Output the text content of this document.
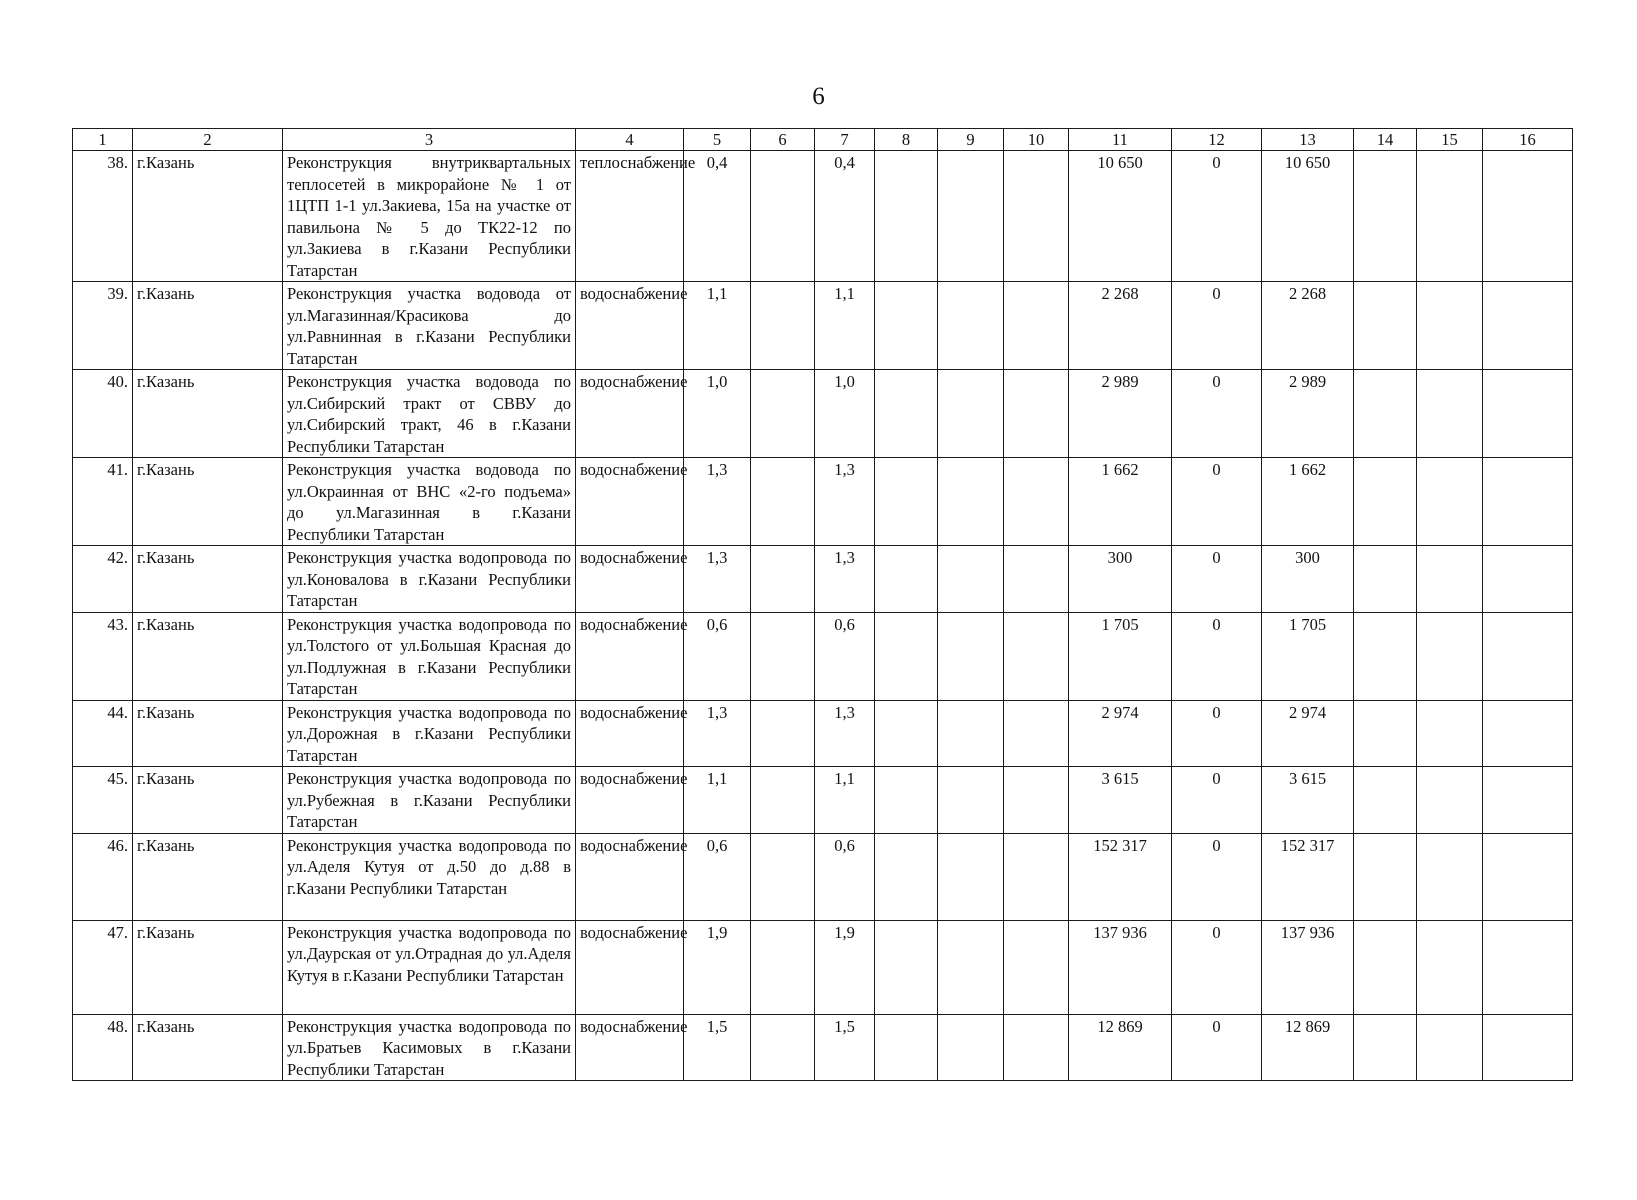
6
1	2	3	4	5	6	7	8	9	10	11	12	13	14	15	16
38.	г.Казань	Реконструкция внутриквартальных теплосетей в микрорайоне № 1 от 1ЦТП 1-1 ул.Закиева, 15а на участке от павильона № 5 до ТК22-12 по ул.Закиева в г.Казани Республики Татарстан	теплоснабжение	0,4		0,4				10 650	0	10 650			
39.	г.Казань	Реконструкция участка водовода от ул.Магазинная/Красикова до ул.Равнинная в г.Казани Республики Татарстан	водоснабжение	1,1		1,1				2 268	0	2 268			
40.	г.Казань	Реконструкция участка водовода по ул.Сибирский тракт от СВВУ до ул.Сибирский тракт, 46 в г.Казани Республики Татарстан	водоснабжение	1,0		1,0				2 989	0	2 989			
41.	г.Казань	Реконструкция участка водовода по ул.Окраинная от ВНС «2-го подъема» до ул.Магазинная в г.Казани Республики Татарстан	водоснабжение	1,3		1,3				1 662	0	1 662			
42.	г.Казань	Реконструкция участка водопровода по ул.Коновалова в г.Казани Республики Татарстан	водоснабжение	1,3		1,3				300	0	300			
43.	г.Казань	Реконструкция участка водопровода по ул.Толстого от ул.Большая Красная до ул.Подлужная в г.Казани Республики Татарстан	водоснабжение	0,6		0,6				1 705	0	1 705			
44.	г.Казань	Реконструкция участка водопровода по ул.Дорожная в г.Казани Республики Татарстан	водоснабжение	1,3		1,3				2 974	0	2 974			
45.	г.Казань	Реконструкция участка водопровода по ул.Рубежная в г.Казани Республики Татарстан	водоснабжение	1,1		1,1				3 615	0	3 615			
46.	г.Казань	Реконструкция участка водопровода по ул.Аделя Кутуя от д.50 до д.88 в г.Казани Республики Татарстан	водоснабжение	0,6		0,6				152 317	0	152 317			
47.	г.Казань	Реконструкция участка водопровода по ул.Даурская от ул.Отрадная до ул.Аделя Кутуя в г.Казани Республики Татарстан	водоснабжение	1,9		1,9				137 936	0	137 936			
48.	г.Казань	Реконструкция участка водопровода по ул.Братьев Касимовых в г.Казани Республики Татарстан	водоснабжение	1,5		1,5				12 869	0	12 869			
